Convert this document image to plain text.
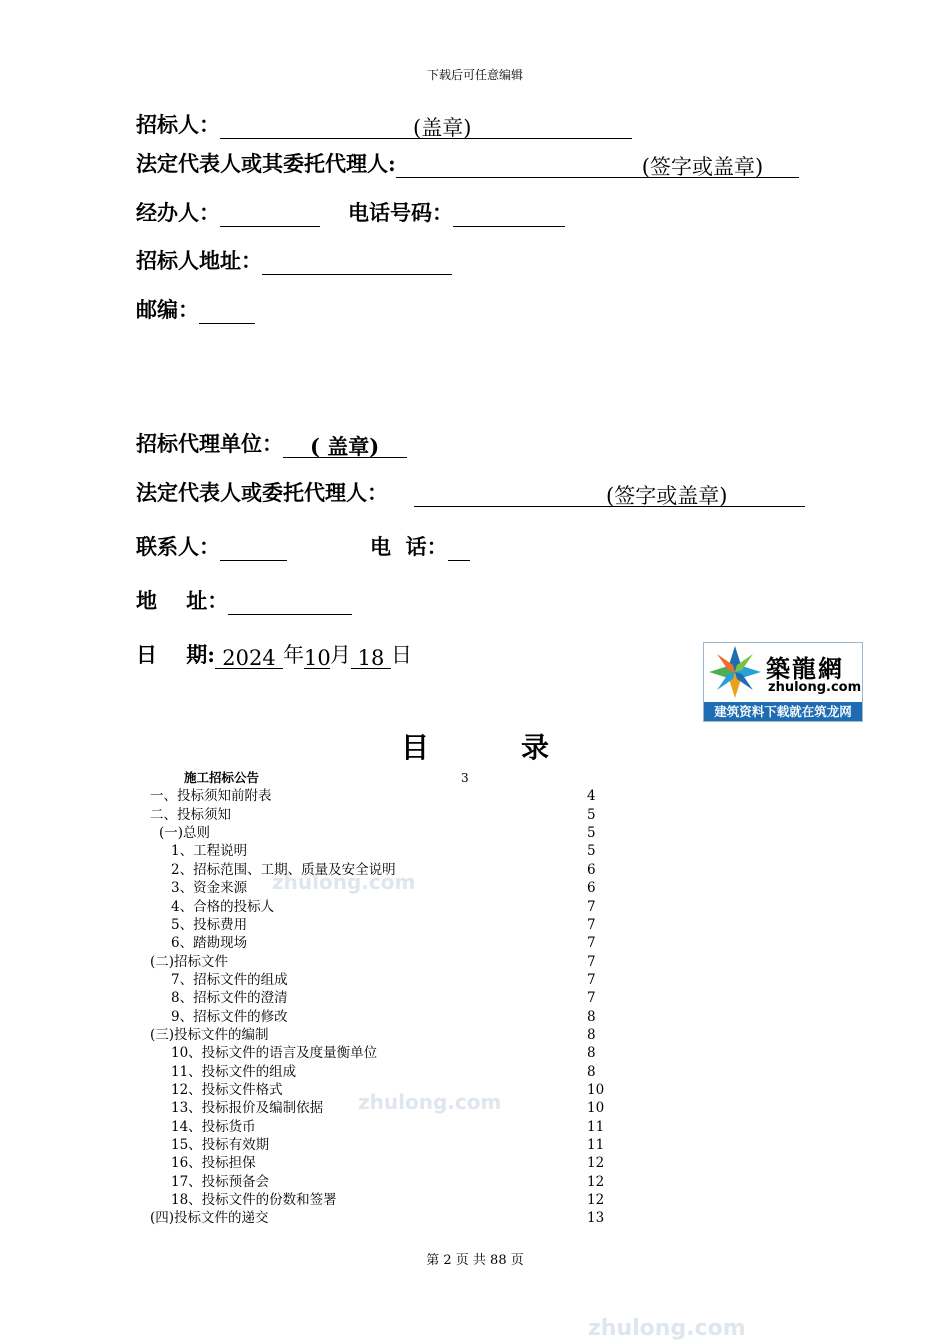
zhulong.com
zhulong.com
zhulong.com
下载后可任意编辑
招标人：	(盖章)
法定代表人或其委托代理人:	(签字或盖章)
经办人：	电话号码：
招标人地址：
邮编：
招标代理单位： ( 盖章)
法定代表人或委托代理人：	(签字或盖章)
联系人：	电  话：
地    址：
日    期: 2024 年10月 18 日	築龍網
zhulong.com
建筑资料下载就在筑龙网
目录
施工招标公告	3
一、投标须知前附表	4
二、投标须知	5
(一)总则	5
1、工程说明	5
2、招标范围、工期、质量及安全说明	6
3、资金来源	6
4、合格的投标人	7
5、投标费用	7
6、踏勘现场	7
(二)招标文件	7
7、招标文件的组成	7
8、招标文件的澄清	7
9、招标文件的修改	8
(三)投标文件的编制	8
10、投标文件的语言及度量衡单位	8
11、投标文件的组成	8
12、投标文件格式	10
13、投标报价及编制依据	10
14、投标货币	11
15、投标有效期	11
16、投标担保	12
17、投标预备会	12
18、投标文件的份数和签署	12
(四)投标文件的递交	13
第 2 页 共 88 页
